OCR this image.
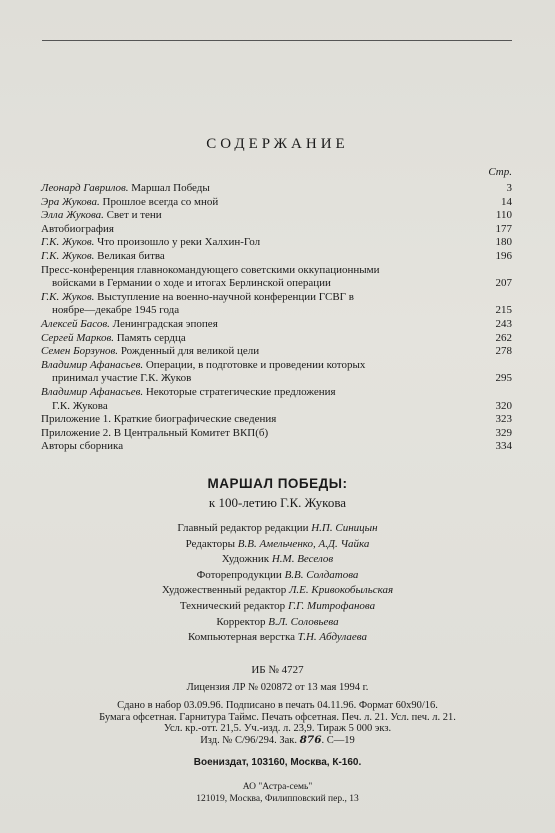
СОДЕРЖАНИЕ
Стр.
Леонард Гаврилов. Маршал Победы	3
Эра Жукова. Прошлое всегда со мной	14
Элла Жукова. Свет и тени	110
Автобиография	177
Г.К. Жуков. Что произошло у реки Халхин-Гол	180
Г.К. Жуков. Великая битва	196
Пресс-конференция главнокомандующего советскими оккупационными
войсками в Германии о ходе и итогах Берлинской операции	207
Г.К. Жуков. Выступление на военно-научной конференции ГСВГ в
ноябре—декабре 1945 года	215
Алексей Басов. Ленинградская эпопея	243
Сергей Марков. Память сердца	262
Семен Борзунов. Рожденный для великой цели	278
Владимир Афанасьев. Операции, в подготовке и проведении которых
принимал участие Г.К. Жуков	295
Владимир Афанасьев. Некоторые стратегические предложения
Г.К. Жукова	320
Приложение 1. Краткие биографические сведения	323
Приложение 2. В Центральный Комитет ВКП(б)	329
Авторы сборника	334
МАРШАЛ ПОБЕДЫ:
к 100-летию Г.К. Жукова
Главный редактор редакции Н.П. Синицын
Редакторы В.В. Амельченко, А.Д. Чайка
Художник Н.М. Веселов
Фоторепродукции В.В. Солдатова
Художественный редактор Л.Е. Кривокобыльская
Технический редактор Г.Г. Митрофанова
Корректор В.Л. Соловьева
Компьютерная верстка Т.Н. Абдулаева
ИБ № 4727
Лицензия ЛР № 020872 от 13 мая 1994 г.
Сдано в набор 03.09.96. Подписано в печать 04.11.96. Формат 60x90/16.
Бумага офсетная. Гарнитура Таймс. Печать офсетная. Печ. л. 21. Усл. печ. л. 21.
Усл. кр.-отт. 21,5. Уч.-изд. л. 23,9. Тираж 5 000 экз.
Изд. № С/96/294. Зак. 876. С—19
Воениздат, 103160, Москва, К-160.
АО "Астра-семь"
121019, Москва, Филипповский пер., 13
